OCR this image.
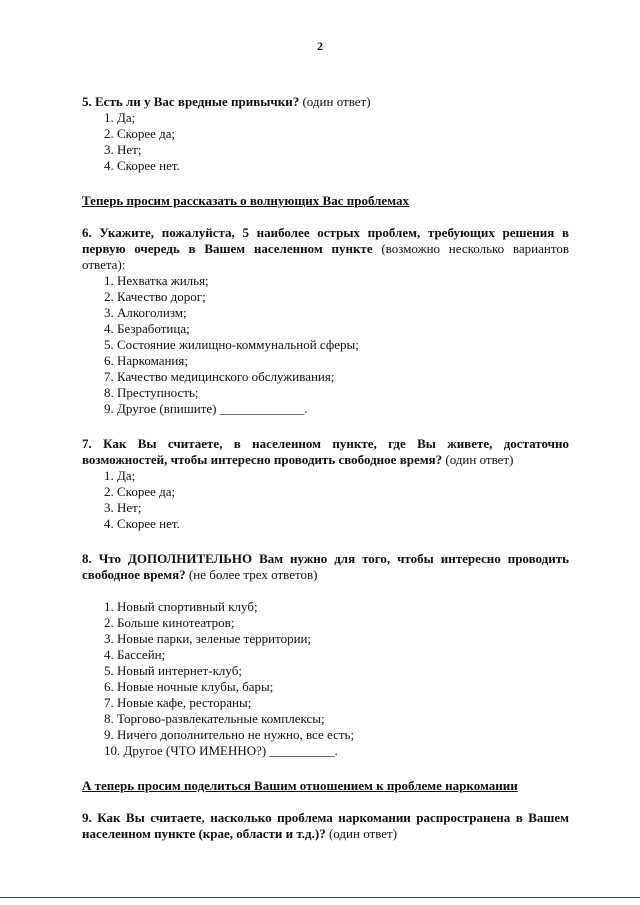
2

5. Есть ли у Вас вредные привычки? (один ответ)

1. Да;
2. Скорее да;
3. Нет;
4. Скорее нет.

Теперь просим рассказать о волнующих Вас проблемах

6. Укажите, пожалуйста, 5 наиболее острых проблем, требующих решения в первую очередь в Вашем населенном пункте (возможно несколько вариантов ответа):

1. Нехватка жилья;
2. Качество дорог;
3. Алкоголизм;
4. Безработица;
5. Состояние жилищно-коммунальной сферы;
6. Наркомания;
7. Качество медицинского обслуживания;
8. Преступность;
9. Другое (впишите) _____________.

7. Как Вы считаете, в населенном пункте, где Вы живете, достаточно возможностей, чтобы интересно проводить свободное время? (один ответ)

1. Да;
2. Скорее да;
3. Нет;
4. Скорее нет.

8. Что ДОПОЛНИТЕЛЬНО Вам нужно для того, чтобы интересно проводить свободное время? (не более трех ответов)

1. Новый спортивный клуб;
2. Больше кинотеатров;
3. Новые парки, зеленые территории;
4. Бассейн;
5. Новый интернет-клуб;
6. Новые ночные клубы, бары;
7. Новые кафе, рестораны;
8. Торгово-развлекательные комплексы;
9. Ничего дополнительно не нужно, все есть;
10. Другое (ЧТО ИМЕННО?) __________.

А теперь просим поделиться Вашим отношением к проблеме наркомании

9. Как Вы считаете, насколько проблема наркомании распространена в Вашем населенном пункте (крае, области и т.д.)? (один ответ)
